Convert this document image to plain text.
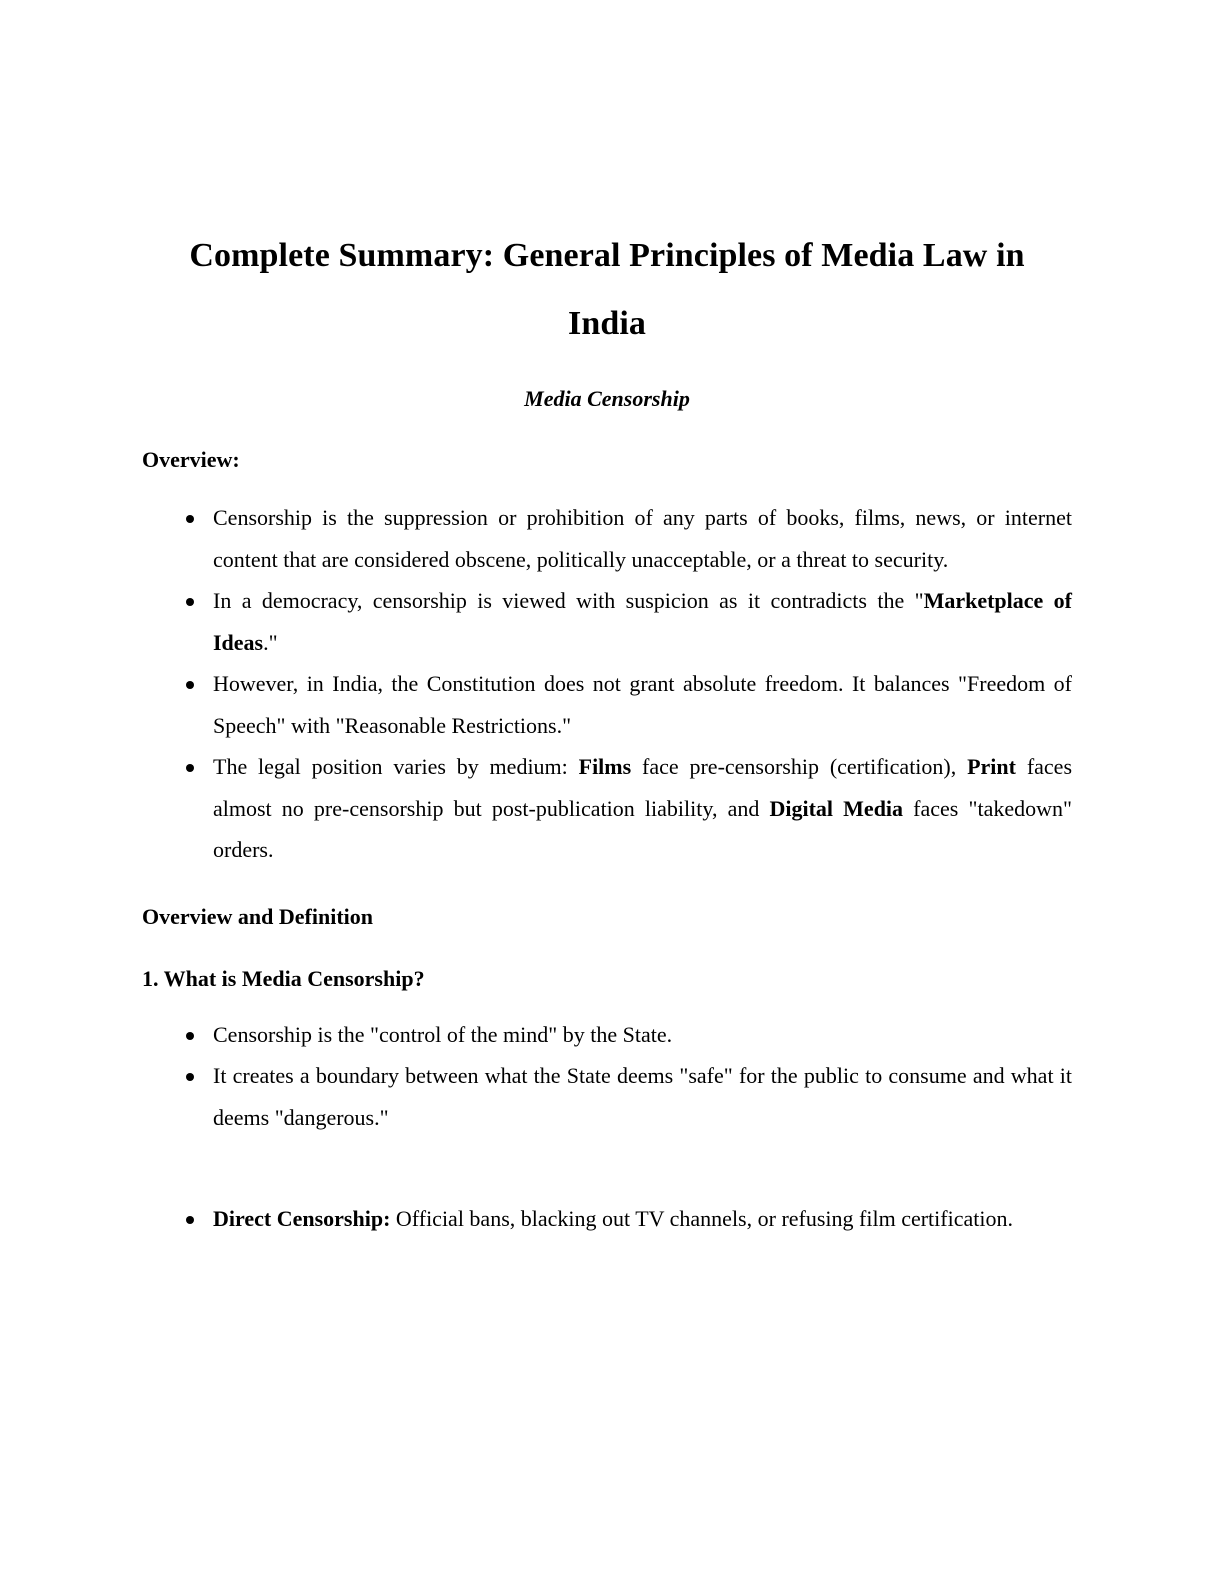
Complete Summary: General Principles of Media Law in India
Media Censorship
Overview:
Censorship is the suppression or prohibition of any parts of books, films, news, or internet content that are considered obscene, politically unacceptable, or a threat to security.
In a democracy, censorship is viewed with suspicion as it contradicts the "Marketplace of Ideas."
However, in India, the Constitution does not grant absolute freedom. It balances "Freedom of Speech" with "Reasonable Restrictions."
The legal position varies by medium: Films face pre-censorship (certification), Print faces almost no pre-censorship but post-publication liability, and Digital Media faces "takedown" orders.
Overview and Definition
1. What is Media Censorship?
Censorship is the "control of the mind" by the State.
It creates a boundary between what the State deems "safe" for the public to consume and what it deems "dangerous."
Direct Censorship: Official bans, blacking out TV channels, or refusing film certification.
